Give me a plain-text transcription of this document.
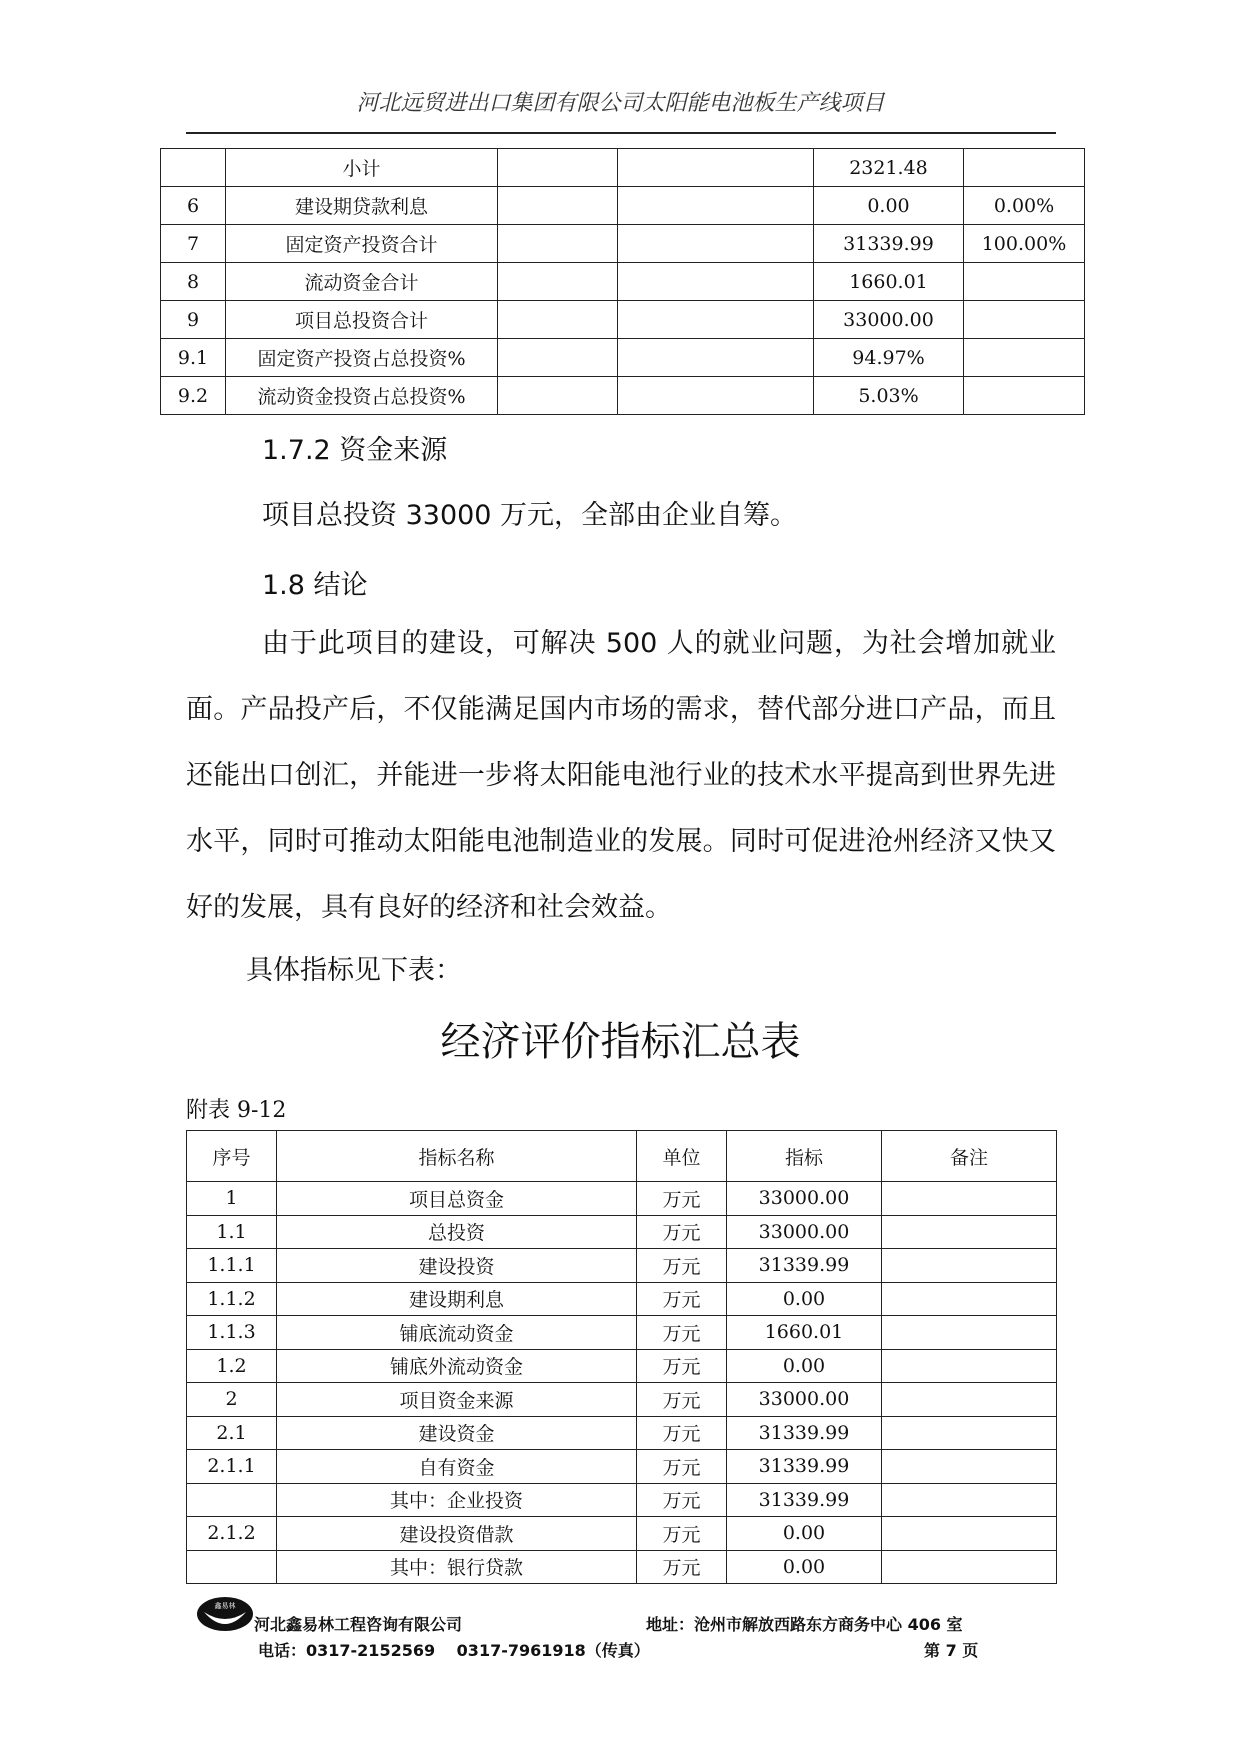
河北远贸进出口集团有限公司太阳能电池板生产线项目
	小计			2321.48	
6	建设期贷款利息			0.00	0.00%
7	固定资产投资合计			31339.99	100.00%
8	流动资金合计			1660.01	
9	项目总投资合计			33000.00	
9.1	固定资产投资占总投资%			94.97%	
9.2	流动资金投资占总投资%			5.03%	
1.7.2 资金来源

项目总投资 33000 万元，全部由企业自筹。

1.8 结论

由于此项目的建设，可解决 500 人的就业问题，为社会增加就业面。产品投产后，不仅能满足国内市场的需求，替代部分进口产品，而且还能出口创汇，并能进一步将太阳能电池行业的技术水平提高到世界先进水平，同时可推动太阳能电池制造业的发展。同时可促进沧州经济又快又好的发展，具有良好的经济和社会效益。

具体指标见下表：

经济评价指标汇总表
附表 9-12
序号	指标名称	单位	指标	备注
1	项目总资金	万元	33000.00	
1.1	总投资	万元	33000.00	
1.1.1	建设投资	万元	31339.99	
1.1.2	建设期利息	万元	0.00	
1.1.3	铺底流动资金	万元	1660.01	
1.2	铺底外流动资金	万元	0.00	
2	项目资金来源	万元	33000.00	
2.1	建设资金	万元	31339.99	
2.1.1	自有资金	万元	31339.99	
	其中：企业投资	万元	31339.99	
2.1.2	建设投资借款	万元	0.00	
	其中：银行贷款	万元	0.00	
鑫易林
河北鑫易林工程咨询有限公司	地址：沧州市解放西路东方商务中心 406 室
电话：0317-2152569　 0317-7961918（传真）	第 7 页
